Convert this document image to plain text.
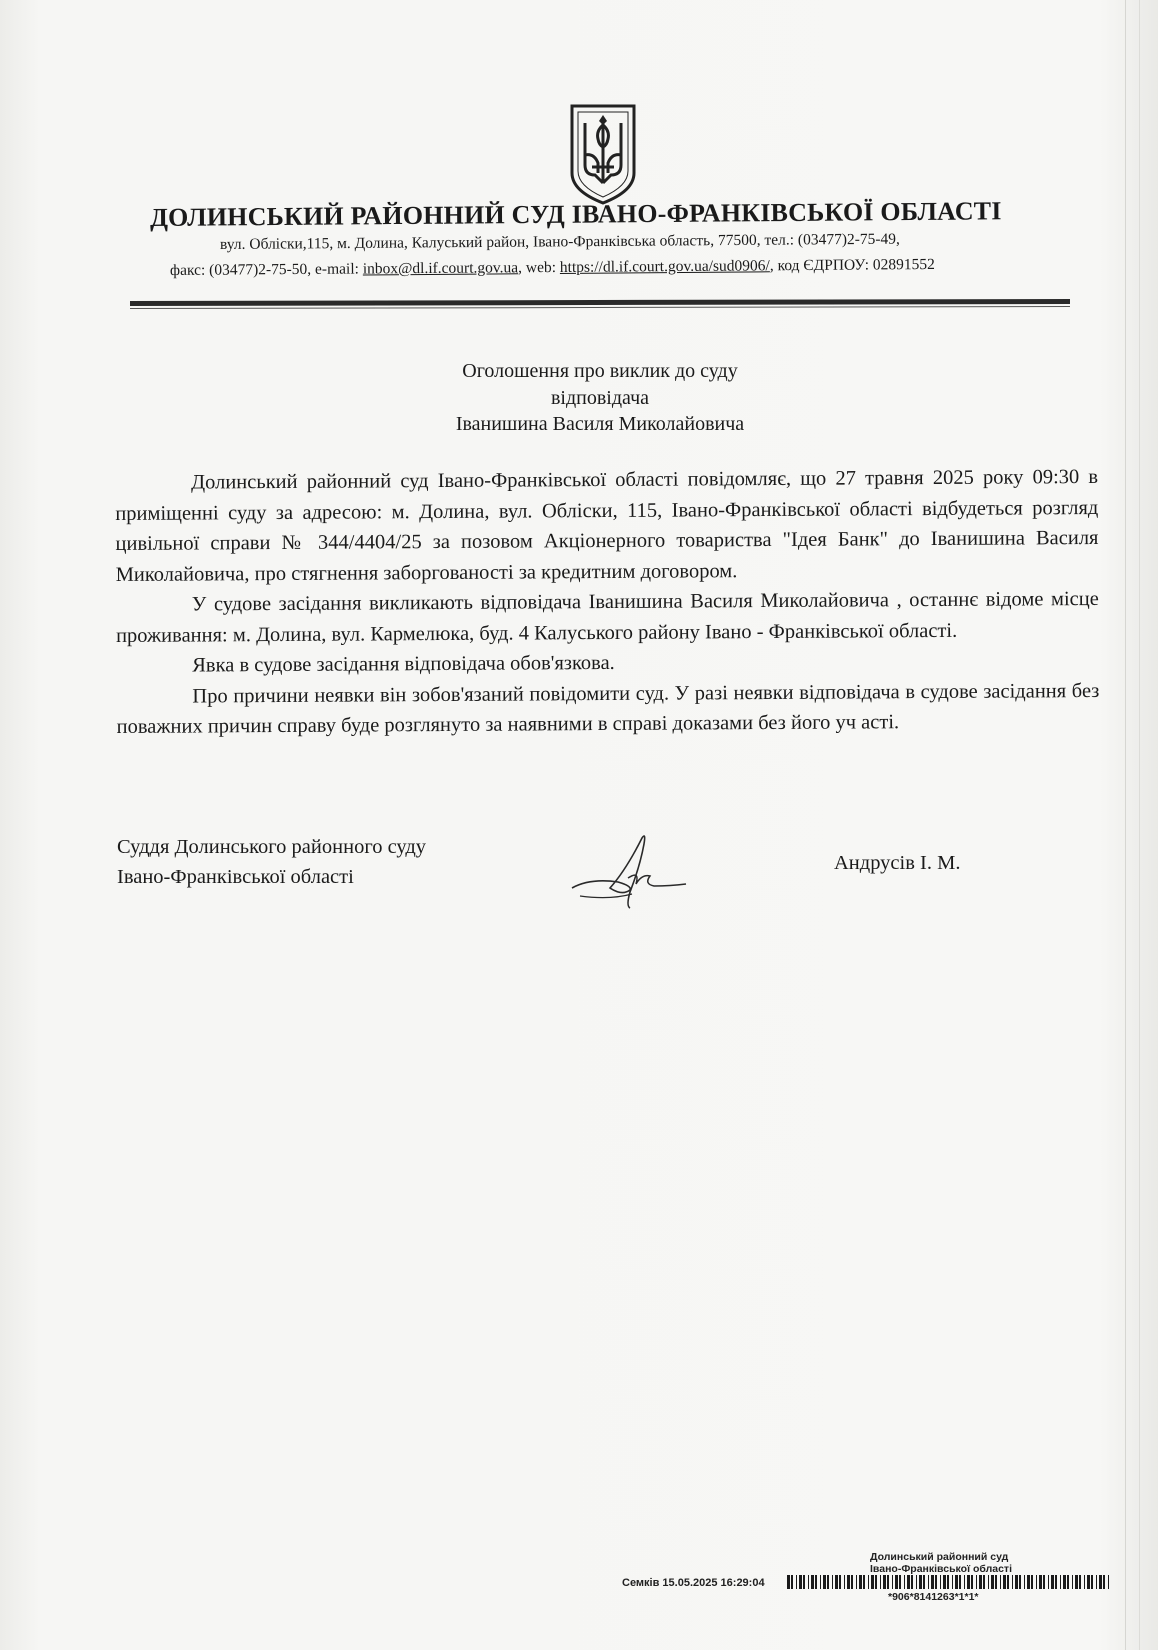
ДОЛИНСЬКИЙ РАЙОННИЙ СУД ІВАНО-ФРАНКІВСЬКОЇ ОБЛАСТІ
вул. Обліски,115, м. Долина, Калуський район, Івано-Франківська область, 77500, тел.: (03477)2-75-49,
факс: (03477)2-75-50, e-mail: inbox@dl.if.court.gov.ua, web: https://dl.if.court.gov.ua/sud0906/, код ЄДРПОУ: 02891552
Оголошення про виклик до суду
відповідача
Іванишина Василя Миколайовича

Долинський районний суд Івано-Франківської області повідомляє, що 27 травня 2025 року 09:30 в приміщенні суду за адресою: м. Долина, вул. Обліски, 115, Івано-Франківської області відбудеться розгляд цивільної справи № 344/4404/25 за позовом Акціонерного товариства "Ідея Банк" до Іванишина Василя Миколайовича, про стягнення заборгованості за кредитним договором.

У судове засідання викликають відповідача Іванишина Василя Миколайовича , останнє відоме місце проживання: м. Долина, вул. Кармелюка, буд. 4 Калуського району Івано - Франківської області.

Явка в судове засідання відповідача обов'язкова.

Про причини неявки він зобов'язаний повідомити суд. У разі неявки відповідача в судове засідання без поважних причин справу буде розглянуто за наявними в справі доказами без його уч асті.

Суддя Долинського районного суду
Івано-Франківської області
Андрусів І. М.
Долинський районний суд
Івано-Франківської області
Семків 15.05.2025 16:29:04
*906*8141263*1*1*
